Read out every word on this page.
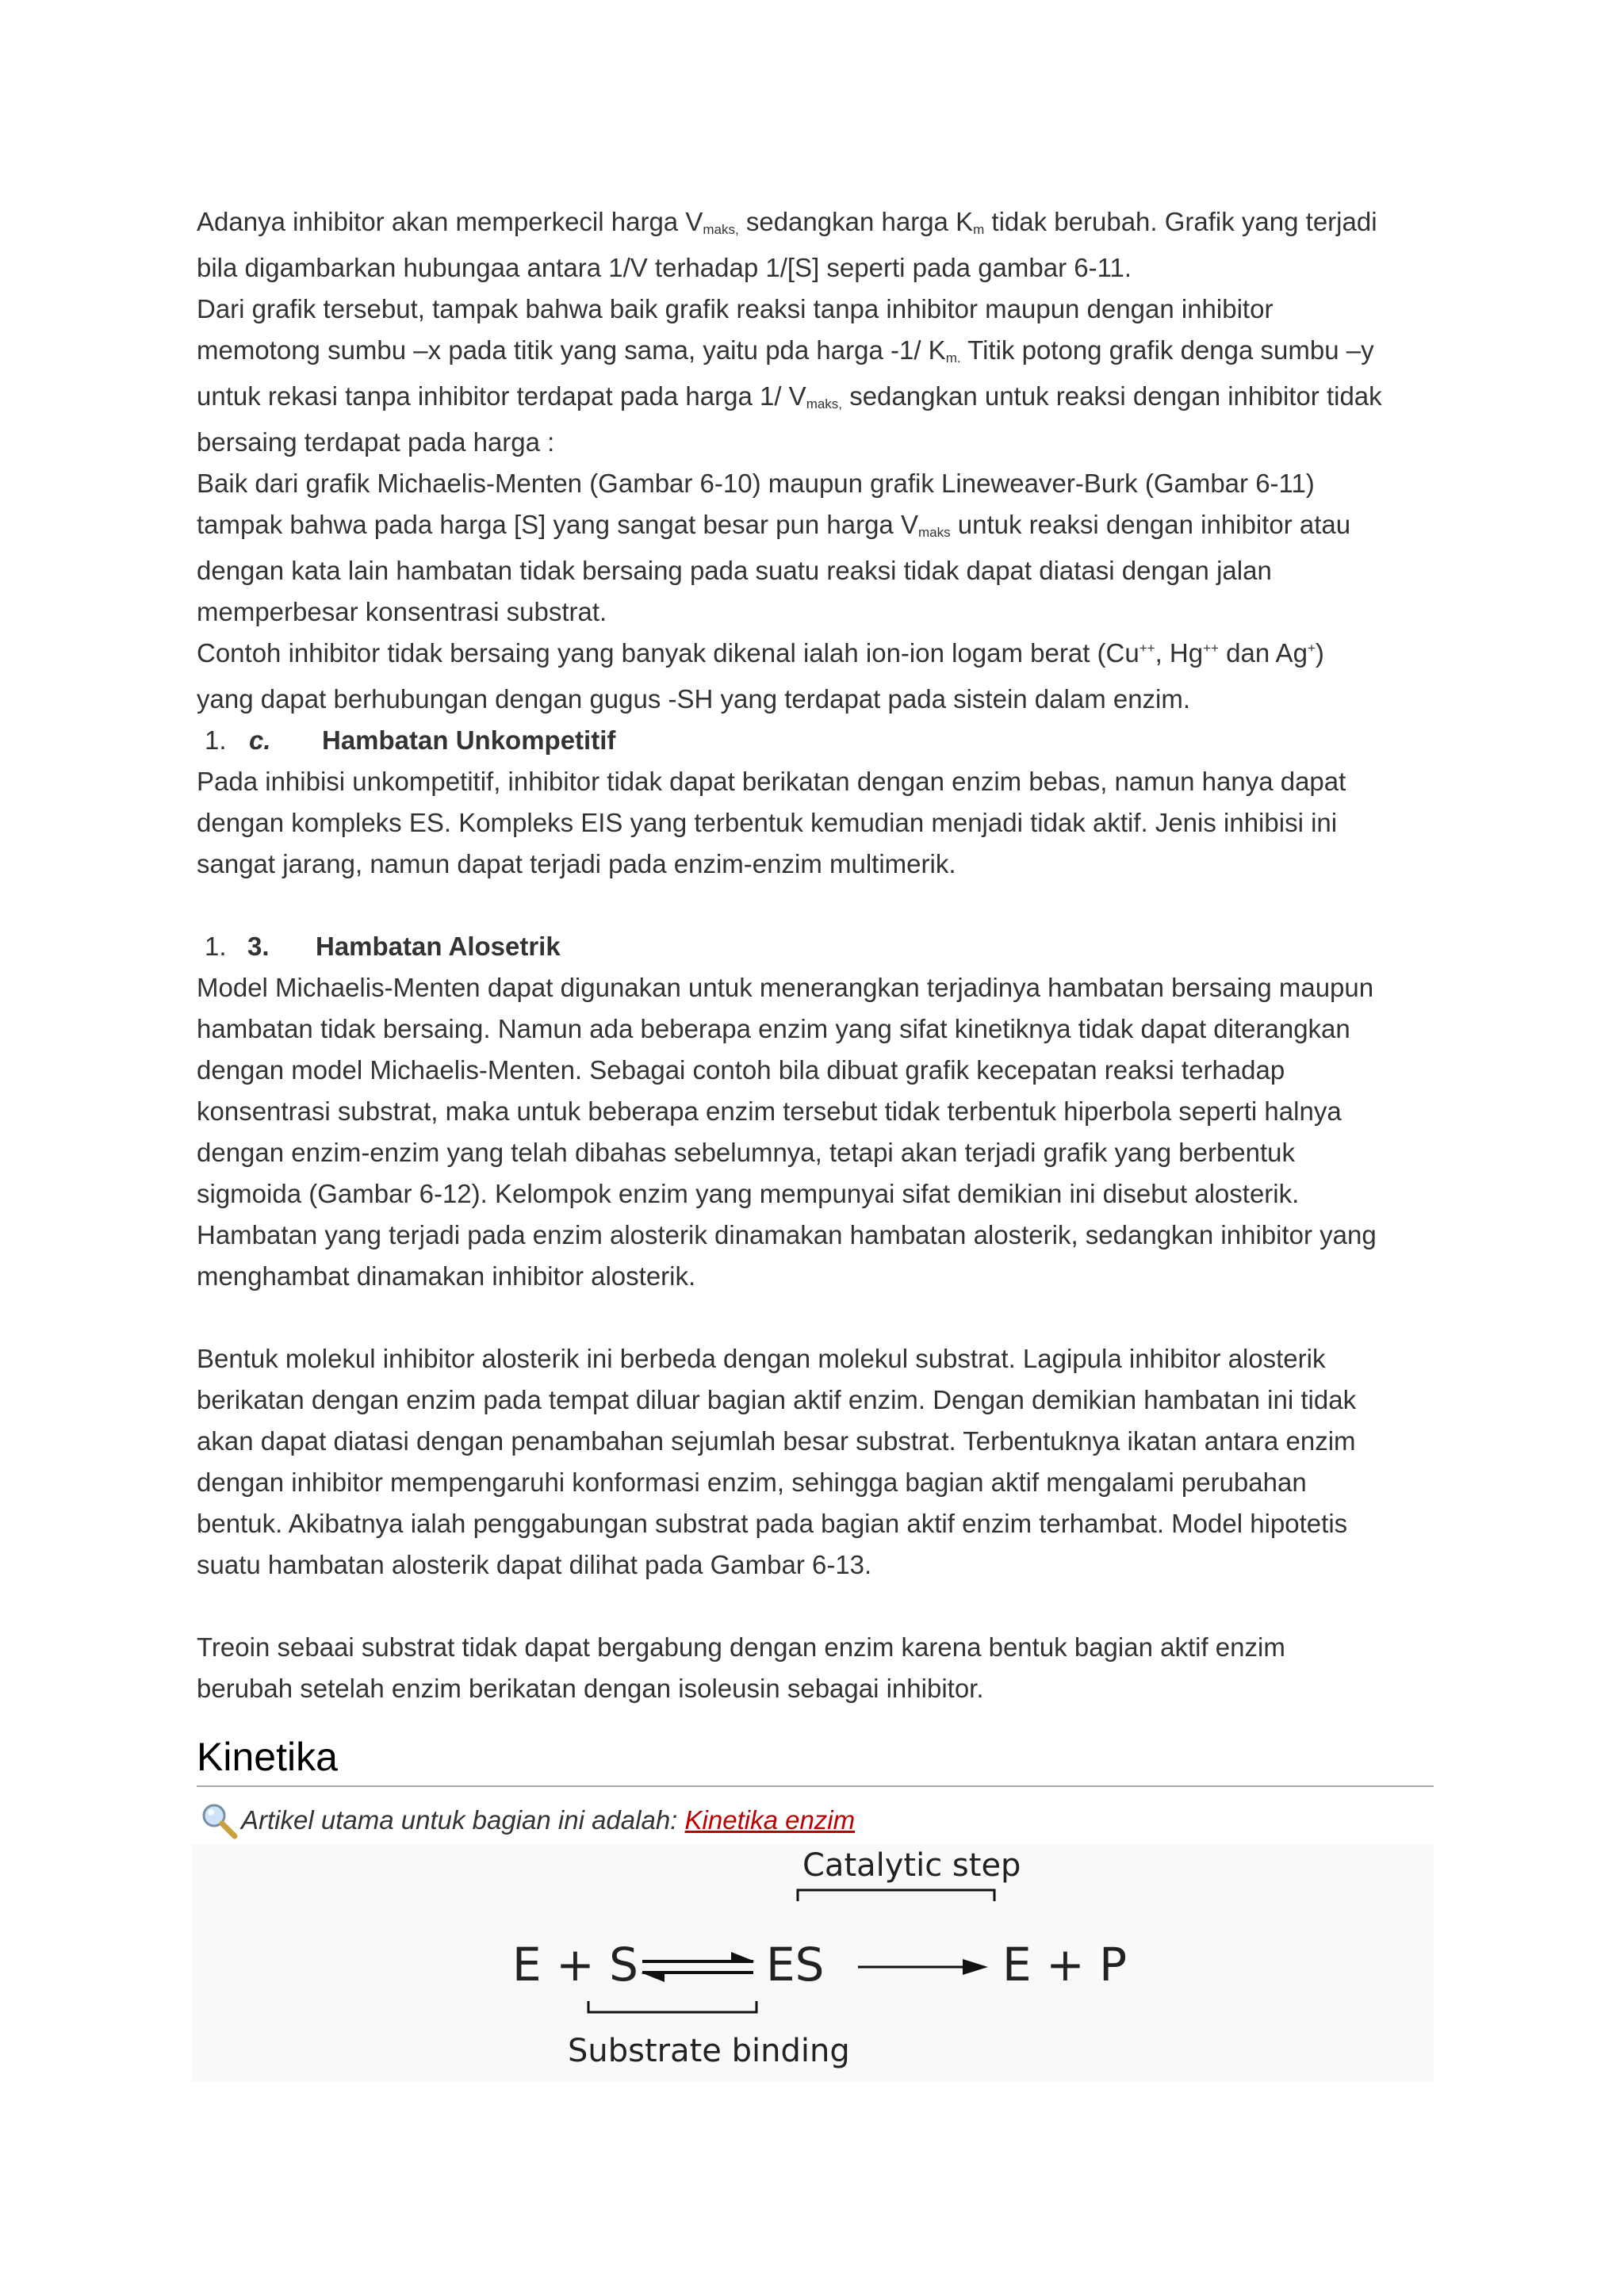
Adanya inhibitor akan memperkecil harga Vmaks, sedangkan harga Km tidak berubah. Grafik yang terjadi
bila digambarkan hubungaa antara 1/V terhadap 1/[S] seperti pada gambar 6-11.

Dari grafik tersebut, tampak bahwa baik grafik reaksi tanpa inhibitor maupun dengan inhibitor
memotong sumbu –x pada titik yang sama, yaitu pda harga -1/ Km. Titik potong grafik denga sumbu –y
untuk rekasi tanpa inhibitor terdapat pada harga 1/ Vmaks, sedangkan untuk reaksi dengan inhibitor tidak
bersaing terdapat pada harga :

Baik dari grafik Michaelis-Menten (Gambar 6-10) maupun grafik Lineweaver-Burk (Gambar 6-11)
tampak bahwa pada harga [S] yang sangat besar pun harga Vmaks untuk reaksi dengan inhibitor atau
dengan kata lain hambatan tidak bersaing pada suatu reaksi tidak dapat diatasi dengan jalan
memperbesar konsentrasi substrat.

Contoh inhibitor tidak bersaing yang banyak dikenal ialah ion-ion logam berat (Cu++, Hg++ dan Ag+)
yang dapat berhubungan dengan gugus -SH yang terdapat pada sistein dalam enzim.

1. c. Hambatan Unkompetitif

Pada inhibisi unkompetitif, inhibitor tidak dapat berikatan dengan enzim bebas, namun hanya dapat
dengan kompleks ES. Kompleks EIS yang terbentuk kemudian menjadi tidak aktif. Jenis inhibisi ini
sangat jarang, namun dapat terjadi pada enzim-enzim multimerik.

1. 3. Hambatan Alosetrik

Model Michaelis-Menten dapat digunakan untuk menerangkan terjadinya hambatan bersaing maupun
hambatan tidak bersaing. Namun ada beberapa enzim yang sifat kinetiknya tidak dapat diterangkan
dengan model Michaelis-Menten. Sebagai contoh bila dibuat grafik kecepatan reaksi terhadap
konsentrasi substrat, maka untuk beberapa enzim tersebut tidak terbentuk hiperbola seperti halnya
dengan enzim-enzim yang telah dibahas sebelumnya, tetapi akan terjadi grafik yang berbentuk
sigmoida (Gambar 6-12). Kelompok enzim yang mempunyai sifat demikian ini disebut alosterik.
Hambatan yang terjadi pada enzim alosterik dinamakan hambatan alosterik, sedangkan inhibitor yang
menghambat dinamakan inhibitor alosterik.

Bentuk molekul inhibitor alosterik ini berbeda dengan molekul substrat. Lagipula inhibitor alosterik
berikatan dengan enzim pada tempat diluar bagian aktif enzim. Dengan demikian hambatan ini tidak
akan dapat diatasi dengan penambahan sejumlah besar substrat. Terbentuknya ikatan antara enzim
dengan inhibitor mempengaruhi konformasi enzim, sehingga bagian aktif mengalami perubahan
bentuk. Akibatnya ialah penggabungan substrat pada bagian aktif enzim terhambat. Model hipotetis
suatu hambatan alosterik dapat dilihat pada Gambar 6-13.

Treoin sebaai substrat tidak dapat bergabung dengan enzim karena bentuk bagian aktif enzim
berubah setelah enzim berikatan dengan isoleusin sebagai inhibitor.

Kinetika
Artikel utama untuk bagian ini adalah: Kinetika enzim
Catalytic step
E + S	ES	E + P
Substrate binding
